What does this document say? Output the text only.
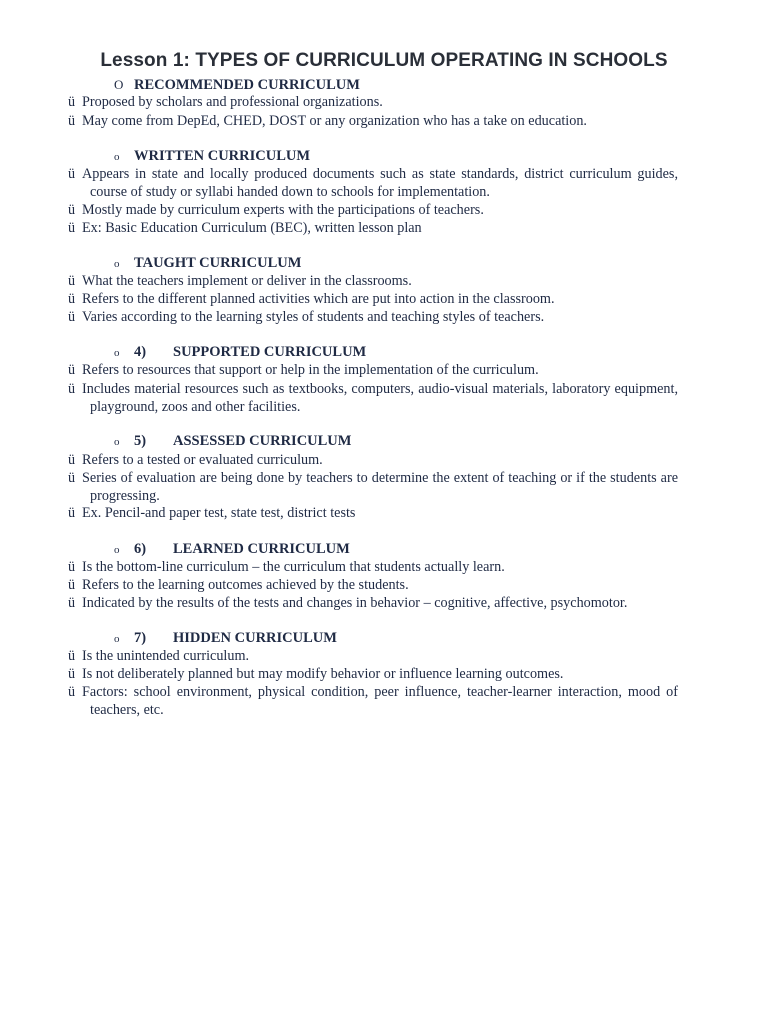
Lesson 1: TYPES OF CURRICULUM OPERATING IN SCHOOLS
O RECOMMENDED CURRICULUM
ü Proposed by scholars and professional organizations.
ü May come from DepEd, CHED, DOST or any organization who has a take on education.
o WRITTEN CURRICULUM
ü Appears in state and locally produced documents such as state standards, district curriculum guides, course of study or syllabi handed down to schools for implementation.
ü Mostly made by curriculum experts with the participations of teachers.
ü Ex: Basic Education Curriculum (BEC), written lesson plan
o TAUGHT CURRICULUM
ü What the teachers implement or deliver in the classrooms.
ü Refers to the different planned activities which are put into action in the classroom.
ü Varies according to the learning styles of students and teaching styles of teachers.
o 4) SUPPORTED CURRICULUM
ü Refers to resources that support or help in the implementation of the curriculum.
ü Includes material resources such as textbooks, computers, audio-visual materials, laboratory equipment, playground, zoos and other facilities.
o 5) ASSESSED CURRICULUM
ü Refers to a tested or evaluated curriculum.
ü Series of evaluation are being done by teachers to determine the extent of teaching or if the students are progressing.
ü Ex. Pencil-and paper test, state test, district tests
o 6) LEARNED CURRICULUM
ü Is the bottom-line curriculum – the curriculum that students actually learn.
ü Refers to the learning outcomes achieved by the students.
ü Indicated by the results of the tests and changes in behavior – cognitive, affective, psychomotor.
o 7) HIDDEN CURRICULUM
ü Is the unintended curriculum.
ü Is not deliberately planned but may modify behavior or influence learning outcomes.
ü Factors: school environment, physical condition, peer influence, teacher-learner interaction, mood of teachers, etc.
